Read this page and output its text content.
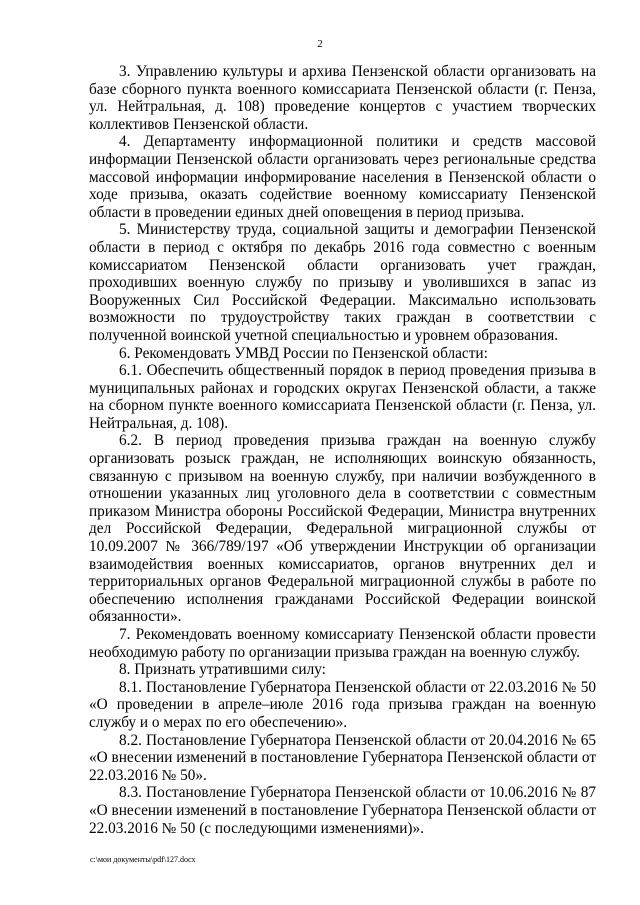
2

3. Управлению культуры и архива Пензенской области организовать на базе сборного пункта военного комиссариата Пензенской области (г. Пенза, ул. Нейтральная, д. 108) проведение концертов с участием творческих коллективов Пензенской области.

4. Департаменту информационной политики и средств массовой информации Пензенской области организовать через региональные средства массовой информации информирование населения в Пензенской области о ходе призыва, оказать содействие военному комиссариату Пензенской области в проведении единых дней оповещения в период призыва.

5. Министерству труда, социальной защиты и демографии Пензенской области в период с октября по декабрь 2016 года совместно с военным комиссариатом Пензенской области организовать учет граждан, проходивших военную службу по призыву и уволившихся в запас из Вооруженных Сил Российской Федерации. Максимально использовать возможности по трудоустройству таких граждан в соответствии с полученной воинской учетной специальностью и уровнем образования.

6. Рекомендовать УМВД России по Пензенской области:

6.1. Обеспечить общественный порядок в период проведения призыва в муниципальных районах и городских округах Пензенской области, а также на сборном пункте военного комиссариата Пензенской области (г. Пенза, ул. Нейтральная, д. 108).

6.2. В период проведения призыва граждан на военную службу организовать розыск граждан, не исполняющих воинскую обязанность, связанную с призывом на военную службу, при наличии возбужденного в отношении указанных лиц уголовного дела в соответствии с совместным приказом Министра обороны Российской Федерации, Министра внутренних дел Российской Федерации, Федеральной миграционной службы от 10.09.2007 № 366/789/197 «Об утверждении Инструкции об организации взаимодействия военных комиссариатов, органов внутренних дел и территориальных органов Федеральной миграционной службы в работе по обеспечению исполнения гражданами Российской Федерации воинской обязанности».

7. Рекомендовать военному комиссариату Пензенской области провести необходимую работу по организации призыва граждан на военную службу.

8. Признать утратившими силу:

8.1. Постановление Губернатора Пензенской области от 22.03.2016 № 50 «О проведении в апреле–июле 2016 года призыва граждан на военную службу и о мерах по его обеспечению».

8.2. Постановление Губернатора Пензенской области от 20.04.2016 № 65 «О внесении изменений в постановление Губернатора Пензенской области от 22.03.2016 № 50».

8.3. Постановление Губернатора Пензенской области от 10.06.2016 № 87 «О внесении изменений в постановление Губернатора Пензенской области от 22.03.2016 № 50 (с последующими изменениями)».

c:\мои документы\pdf\127.docx
